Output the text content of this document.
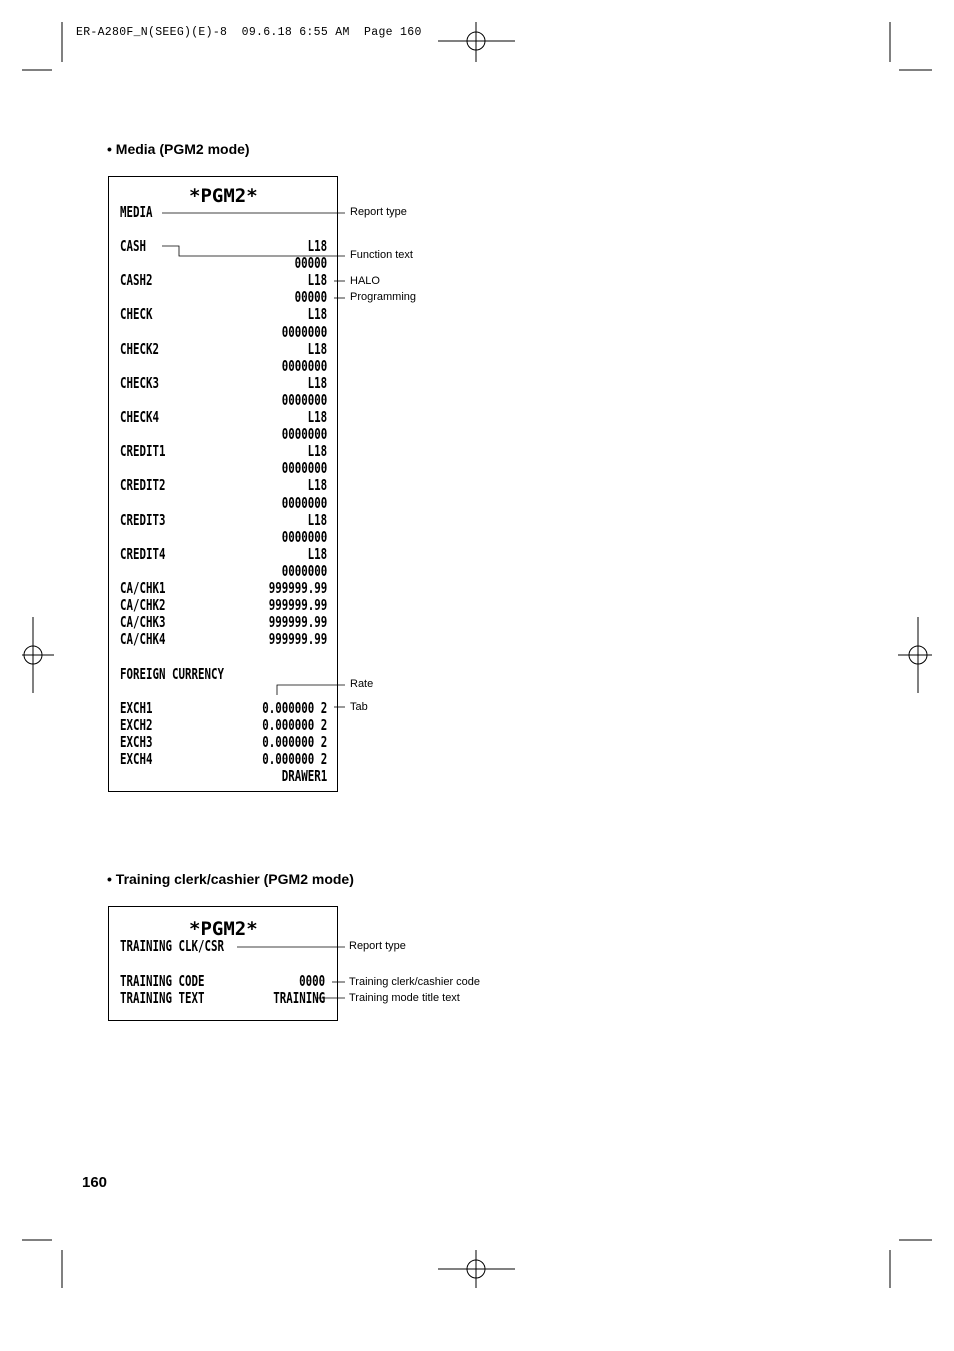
ER-A280F_N(SEEG)(E)-8  09.6.18 6:55 AM  Page 160
• Media (PGM2 mode)
*PGM2*
MEDIA
CASH	L18
00000
CASH2	L18
00000
CHECK	L18
0000000
CHECK2	L18
0000000
CHECK3	L18
0000000
CHECK4	L18
0000000
CREDIT1	L18
0000000
CREDIT2	L18
0000000
CREDIT3	L18
0000000
CREDIT4	L18
0000000
CA/CHK1	999999.99
CA/CHK2	999999.99
CA/CHK3	999999.99
CA/CHK4	999999.99
FOREIGN CURRENCY
EXCH1	0.000000 2
EXCH2	0.000000 2
EXCH3	0.000000 2
EXCH4	0.000000 2
DRAWER1
Report type
Function text
HALO
Programming
Rate
Tab
• Training clerk/cashier (PGM2 mode)
*PGM2*
TRAINING CLK/CSR
TRAINING CODE	0000
TRAINING TEXT	TRAINING
Report type
Training clerk/cashier code
Training mode title text
160
